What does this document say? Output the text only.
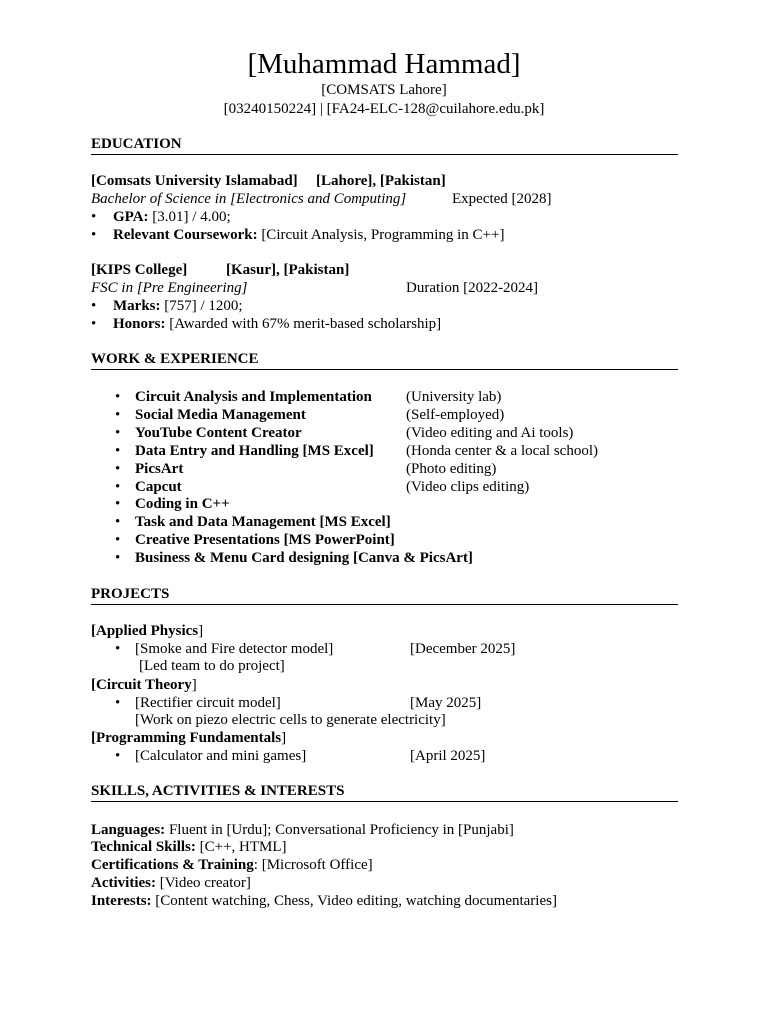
[Muhammad Hammad]
[COMSATS Lahore]
[03240150224] | [FA24-ELC-128@cuilahore.edu.pk]
EDUCATION
[Comsats University Islamabad] [Lahore], [Pakistan]
Bachelor of Science in [Electronics and Computing]	Expected [2028]
• GPA: [3.01] / 4.00;
• Relevant Coursework: [Circuit Analysis, Programming in C++]
[KIPS College]	[Kasur], [Pakistan]
FSC in [Pre Engineering]	Duration [2022-2024]
• Marks: [757] / 1200;
• Honors: [Awarded with 67% merit-based scholarship]
WORK & EXPERIENCE
• Circuit Analysis and Implementation (University lab)
• Social Media Management	(Self-employed)
• YouTube Content Creator	(Video editing and Ai tools)
• Data Entry and Handling [MS Excel] (Honda center & a local school)
• PicsArt	(Photo editing)
• Capcut	(Video clips editing)
• Coding in C++
• Task and Data Management [MS Excel]
• Creative Presentations [MS PowerPoint]
• Business & Menu Card designing [Canva & PicsArt]
PROJECTS
[Applied Physics]
• [Smoke and Fire detector model]	[December 2025]
[Led team to do project]
[Circuit Theory]
• [Rectifier circuit model]	[May 2025]
[Work on piezo electric cells to generate electricity]
[Programming Fundamentals]
• [Calculator and mini games]	[April 2025]
SKILLS, ACTIVITIES & INTERESTS
Languages: Fluent in [Urdu]; Conversational Proficiency in [Punjabi]
Technical Skills: [C++, HTML]
Certifications & Training: [Microsoft Office]
Activities: [Video creator]
Interests: [Content watching, Chess, Video editing, watching documentaries]
